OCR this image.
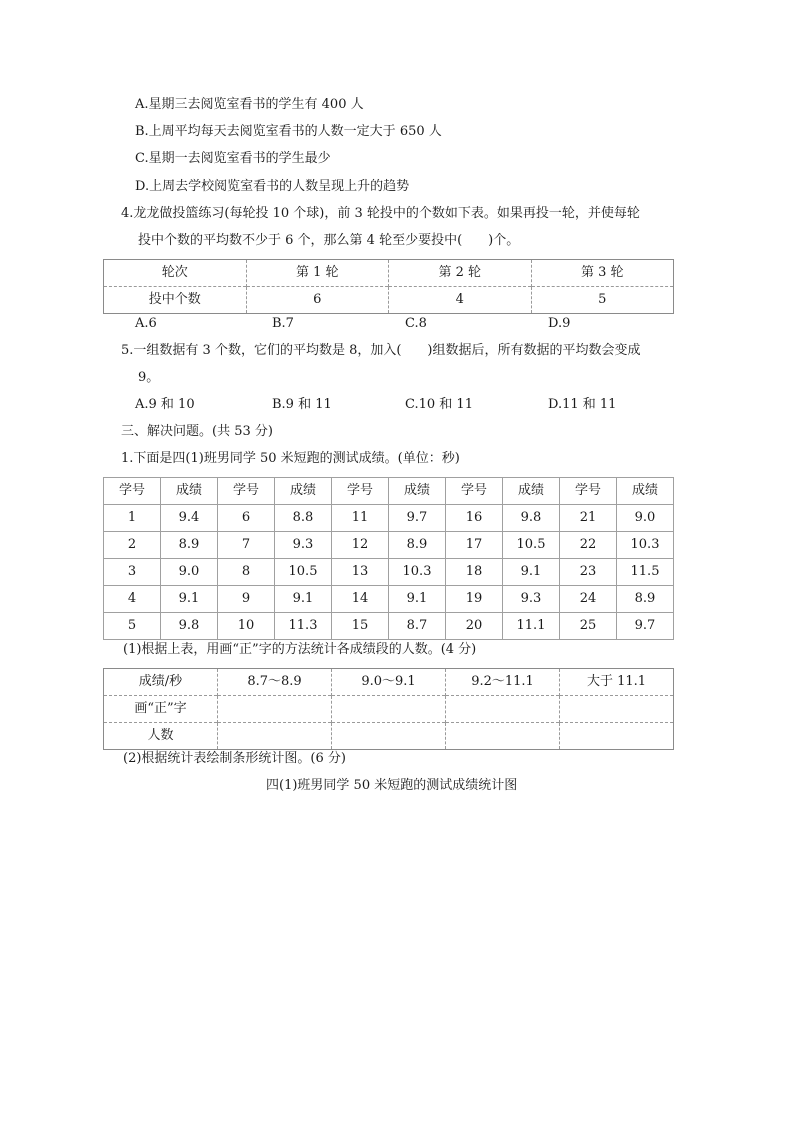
A.星期三去阅览室看书的学生有 400 人
B.上周平均每天去阅览室看书的人数一定大于 650 人
C.星期一去阅览室看书的学生最少
D.上周去学校阅览室看书的人数呈现上升的趋势
4.龙龙做投篮练习(每轮投 10 个球)，前 3 轮投中的个数如下表。如果再投一轮，并使每轮
投中个数的平均数不少于 6 个，那么第 4 轮至少要投中(　　)个。
轮次	第 1 轮	第 2 轮	第 3 轮
投中个数	6	4	5
A.6	B.7	C.8	D.9
5.一组数据有 3 个数，它们的平均数是 8，加入(　　)组数据后，所有数据的平均数会变成
9。
A.9 和 10	B.9 和 11	C.10 和 11	D.11 和 11
三、解决问题。(共 53 分)
1.下面是四(1)班男同学 50 米短跑的测试成绩。(单位：秒)
学号	成绩	学号	成绩	学号	成绩	学号	成绩	学号	成绩
1	9.4	6	8.8	11	9.7	16	9.8	21	9.0
2	8.9	7	9.3	12	8.9	17	10.5	22	10.3
3	9.0	8	10.5	13	10.3	18	9.1	23	11.5
4	9.1	9	9.1	14	9.1	19	9.3	24	8.9
5	9.8	10	11.3	15	8.7	20	11.1	25	9.7
(1)根据上表，用画“正”字的方法统计各成绩段的人数。(4 分)
成绩/秒	8.7～8.9	9.0～9.1	9.2～11.1	大于 11.1
画“正”字				
人数				
(2)根据统计表绘制条形统计图。(6 分)
四(1)班男同学 50 米短跑的测试成绩统计图
